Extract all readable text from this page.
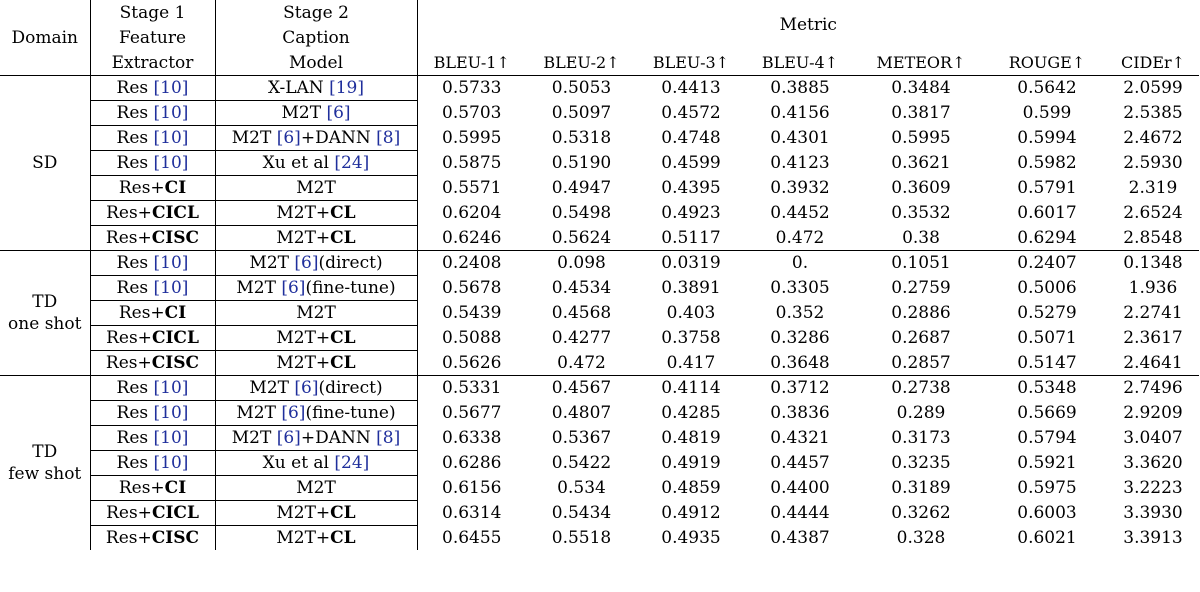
Domain	Stage 1	Stage 2	Metric						
	Feature	Caption							
	Extractor	Model	BLEU-1↑	BLEU-2↑	BLEU-3↑	BLEU-4↑	METEOR↑	ROUGE↑	CIDEr↑

SD	Res [10]	X-LAN [19]	0.5733	0.5053	0.4413	0.3885	0.3484	0.5642	2.0599
	Res [10]	M2T [6]	0.5703	0.5097	0.4572	0.4156	0.3817	0.599	2.5385
	Res [10]	M2T [6]+DANN [8]	0.5995	0.5318	0.4748	0.4301	0.5995	0.5994	2.4672
	Res [10]	Xu et al [24]	0.5875	0.5190	0.4599	0.4123	0.3621	0.5982	2.5930
	Res+CI	M2T	0.5571	0.4947	0.4395	0.3932	0.3609	0.5791	2.319
	Res+CICL	M2T+CL	0.6204	0.5498	0.4923	0.4452	0.3532	0.6017	2.6524
	Res+CISC	M2T+CL	0.6246	0.5624	0.5117	0.472	0.38	0.6294	2.8548

TD
one shot	Res [10]	M2T [6](direct)	0.2408	0.098	0.0319	0.	0.1051	0.2407	0.1348
	Res [10]	M2T [6](fine-tune)	0.5678	0.4534	0.3891	0.3305	0.2759	0.5006	1.936
	Res+CI	M2T	0.5439	0.4568	0.403	0.352	0.2886	0.5279	2.2741
	Res+CICL	M2T+CL	0.5088	0.4277	0.3758	0.3286	0.2687	0.5071	2.3617
	Res+CISC	M2T+CL	0.5626	0.472	0.417	0.3648	0.2857	0.5147	2.4641

TD
few shot	Res [10]	M2T [6](direct)	0.5331	0.4567	0.4114	0.3712	0.2738	0.5348	2.7496
	Res [10]	M2T [6](fine-tune)	0.5677	0.4807	0.4285	0.3836	0.289	0.5669	2.9209
	Res [10]	M2T [6]+DANN [8]	0.6338	0.5367	0.4819	0.4321	0.3173	0.5794	3.0407
	Res [10]	Xu et al [24]	0.6286	0.5422	0.4919	0.4457	0.3235	0.5921	3.3620
	Res+CI	M2T	0.6156	0.534	0.4859	0.4400	0.3189	0.5975	3.2223
	Res+CICL	M2T+CL	0.6314	0.5434	0.4912	0.4444	0.3262	0.6003	3.3930
	Res+CISC	M2T+CL	0.6455	0.5518	0.4935	0.4387	0.328	0.6021	3.3913
